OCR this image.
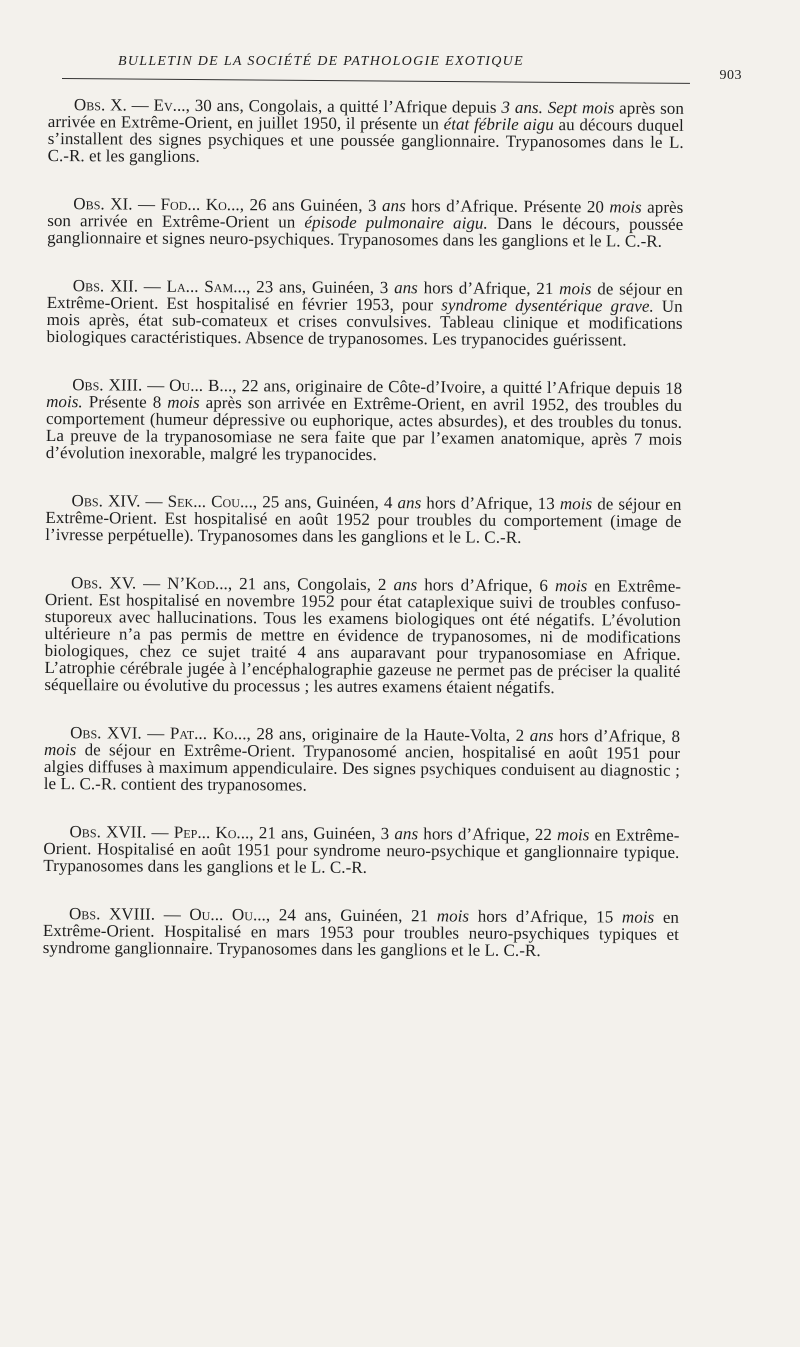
BULLETIN DE LA SOCIÉTÉ DE PATHOLOGIE EXOTIQUE
903

Obs. X. — Ev..., 30 ans, Congolais, a quitté l’Afrique depuis 3 ans. Sept mois après son arrivée en Extrême-Orient, en juillet 1950, il présente un état fébrile aigu au décours duquel s’installent des signes psychiques et une poussée ganglionnaire. Trypanosomes dans le L. C.-R. et les ganglions.

Obs. XI. — Fod... Ko..., 26 ans Guinéen, 3 ans hors d’Afrique. Présente 20 mois après son arrivée en Extrême-Orient un épisode pulmonaire aigu. Dans le décours, poussée ganglionnaire et signes neuro-psychiques. Trypanosomes dans les ganglions et le L. C.-R.

Obs. XII. — La... Sam..., 23 ans, Guinéen, 3 ans hors d’Afrique, 21 mois de séjour en Extrême-Orient. Est hospitalisé en février 1953, pour syndrome dysentérique grave. Un mois après, état sub-comateux et crises convulsives. Tableau clinique et modifications biologiques caractéristiques. Absence de trypanosomes. Les trypanocides guérissent.

Obs. XIII. — Ou... B..., 22 ans, originaire de Côte-d’Ivoire, a quitté l’Afrique depuis 18 mois. Présente 8 mois après son arrivée en Extrême-Orient, en avril 1952, des troubles du comportement (humeur dépressive ou euphorique, actes absurdes), et des troubles du tonus. La preuve de la trypanosomiase ne sera faite que par l’examen anatomique, après 7 mois d’évolution inexorable, malgré les trypanocides.

Obs. XIV. — Sek... Cou..., 25 ans, Guinéen, 4 ans hors d’Afrique, 13 mois de séjour en Extrême-Orient. Est hospitalisé en août 1952 pour troubles du comportement (image de l’ivresse perpétuelle). Trypanosomes dans les ganglions et le L. C.-R.

Obs. XV. — N’Kod..., 21 ans, Congolais, 2 ans hors d’Afrique, 6 mois en Extrême-Orient. Est hospitalisé en novembre 1952 pour état cataplexique suivi de troubles confuso-stuporeux avec hallucinations. Tous les examens biologiques ont été négatifs. L’évolution ultérieure n’a pas permis de mettre en évidence de trypanosomes, ni de modifications biologiques, chez ce sujet traité 4 ans auparavant pour trypanosomiase en Afrique. L’atrophie cérébrale jugée à l’encéphalographie gazeuse ne permet pas de préciser la qualité séquellaire ou évolutive du processus ; les autres examens étaient négatifs.

Obs. XVI. — Pat... Ko..., 28 ans, originaire de la Haute-Volta, 2 ans hors d’Afrique, 8 mois de séjour en Extrême-Orient. Trypanosomé ancien, hospitalisé en août 1951 pour algies diffuses à maximum appendiculaire. Des signes psychiques conduisent au diagnostic ; le L. C.-R. contient des trypanosomes.

Obs. XVII. — Pep... Ko..., 21 ans, Guinéen, 3 ans hors d’Afrique, 22 mois en Extrême-Orient. Hospitalisé en août 1951 pour syndrome neuro-psychique et ganglionnaire typique. Trypanosomes dans les ganglions et le L. C.-R.

Obs. XVIII. — Ou... Ou..., 24 ans, Guinéen, 21 mois hors d’Afrique, 15 mois en Extrême-Orient. Hospitalisé en mars 1953 pour troubles neuro-psychiques typiques et syndrome ganglionnaire. Trypanosomes dans les ganglions et le L. C.-R.
